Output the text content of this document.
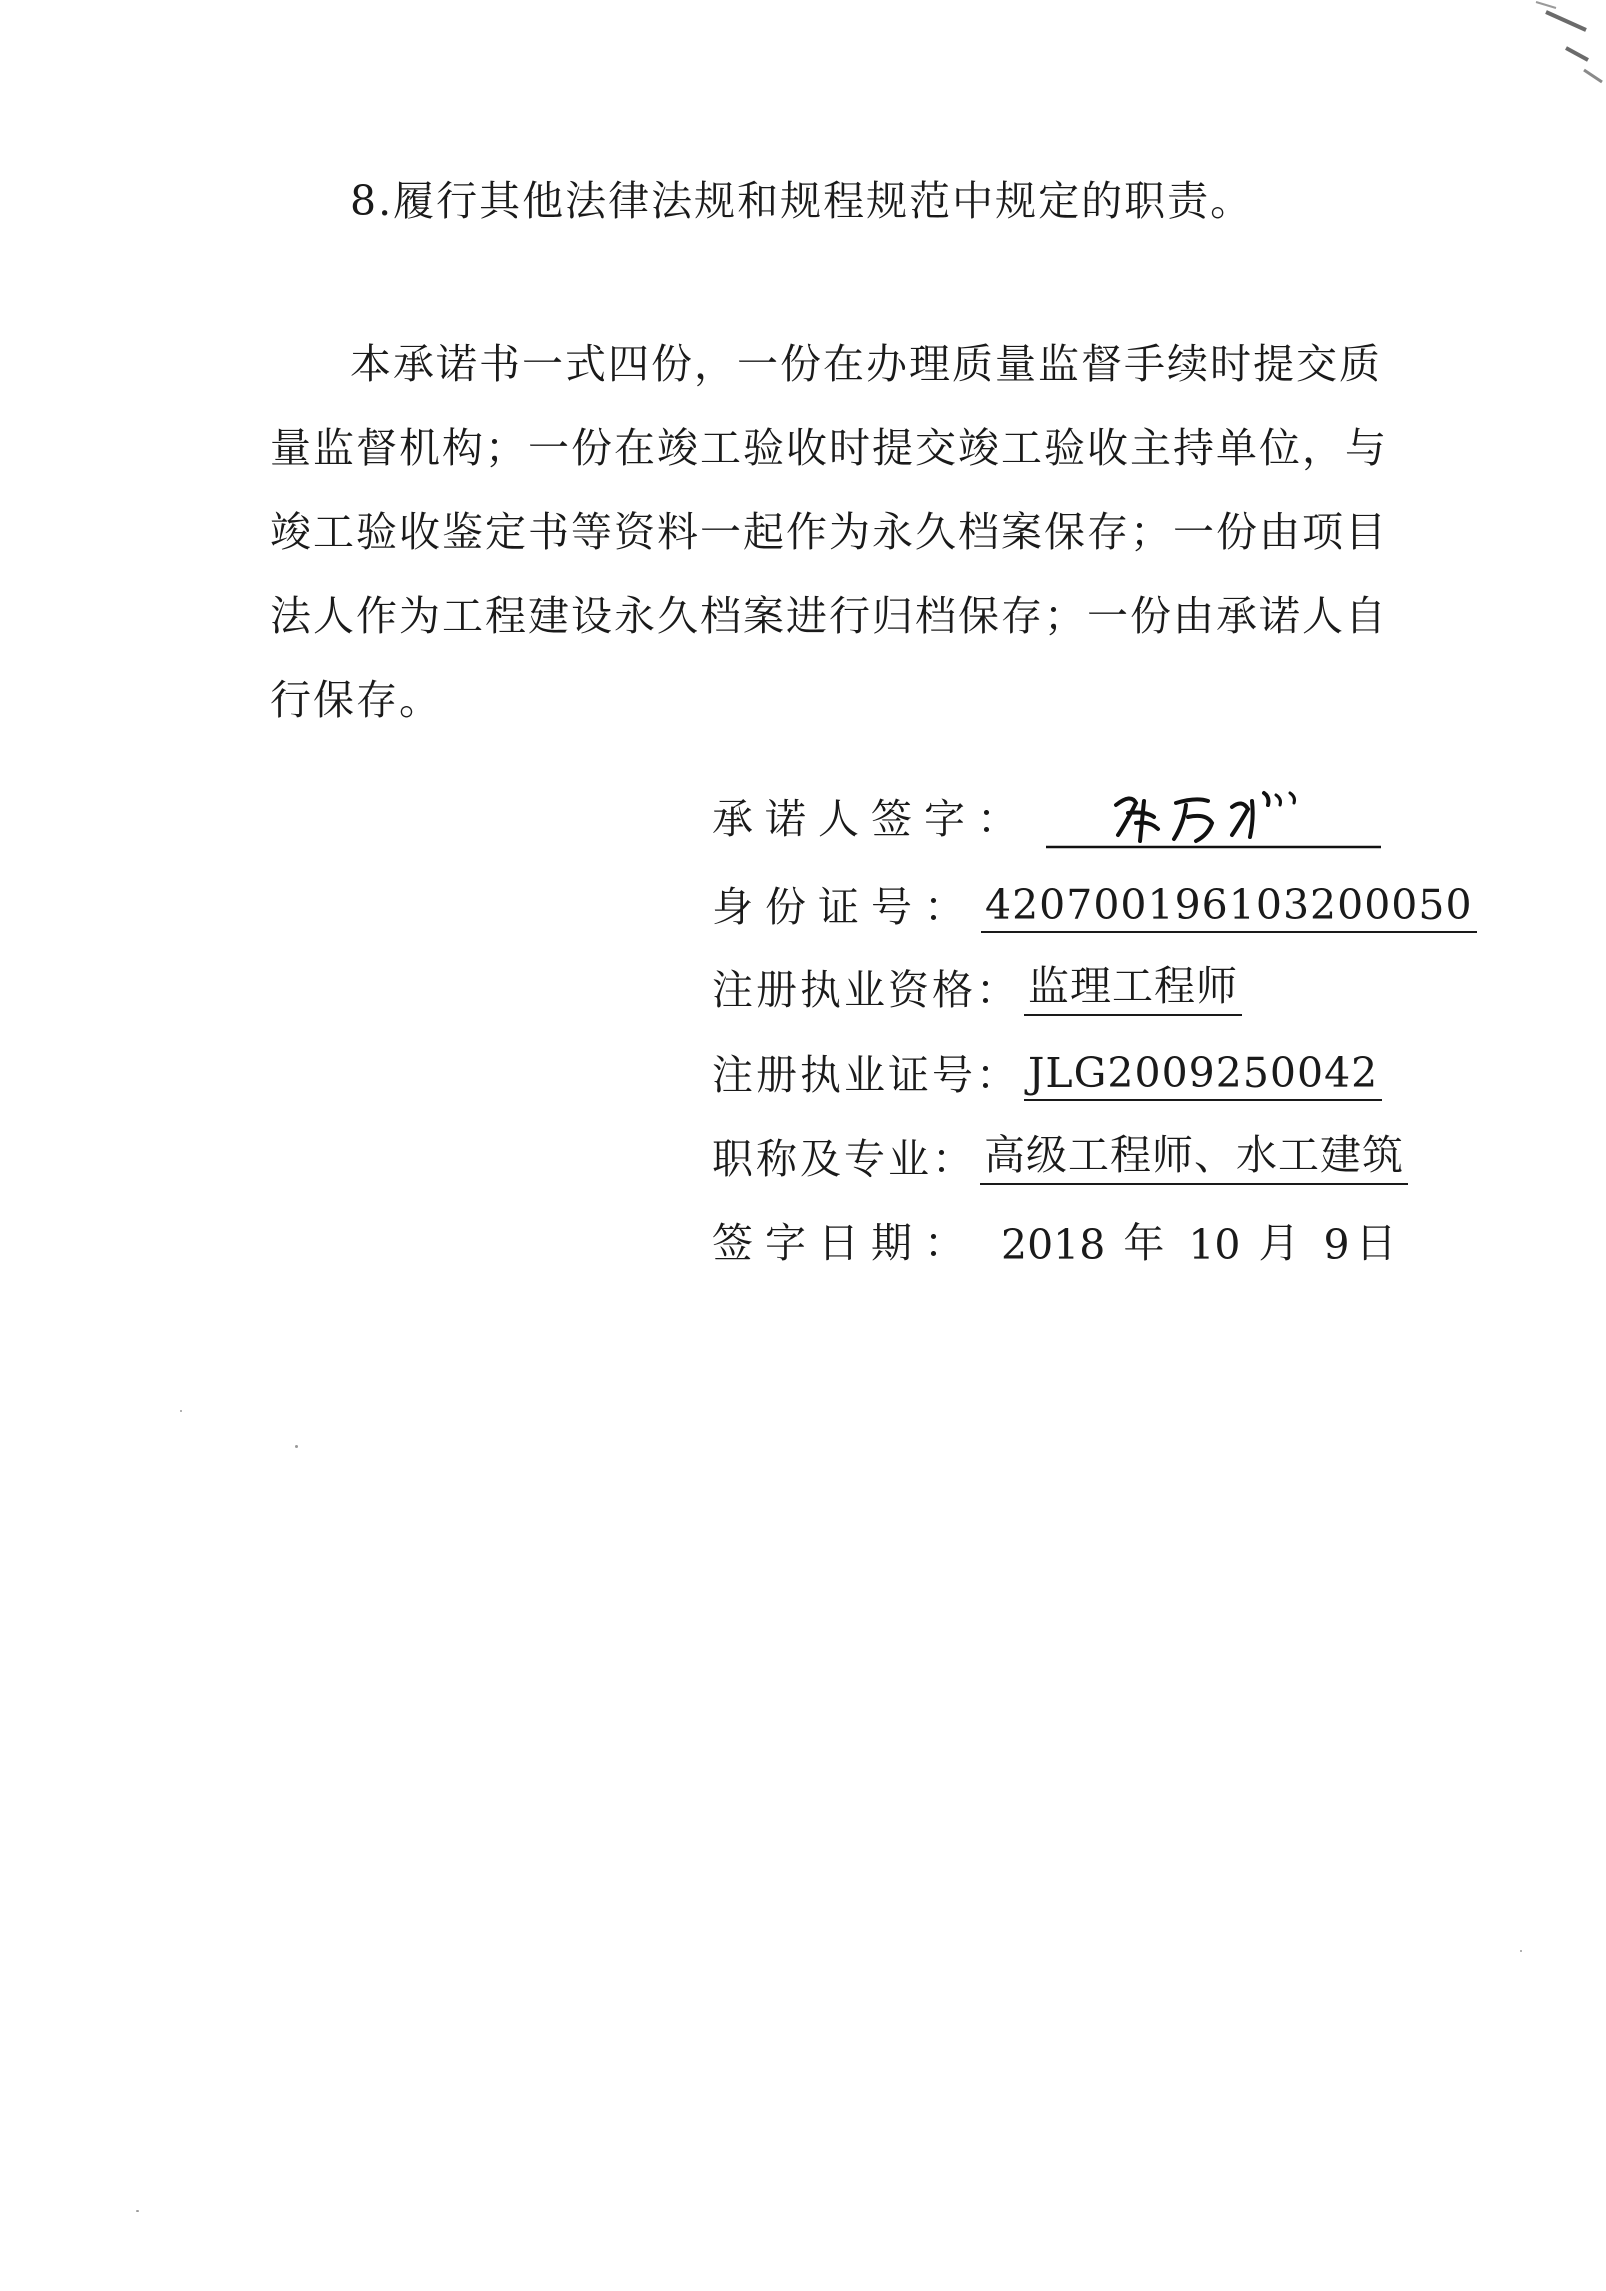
8.履行其他法律法规和规程规范中规定的职责。
本承诺书一式四份，一份在办理质量监督手续时提交质量监督机构；一份在竣工验收时提交竣工验收主持单位，与竣工验收鉴定书等资料一起作为永久档案保存；一份由项目法人作为工程建设永久档案进行归档保存；一份由承诺人自行保存。
承诺人签字：
身份证号： 420700196103200050
注册执业资格： 监理工程师
注册执业证号： JLG2009250042
职称及专业： 高级工程师、水工建筑
签字日期： 2018 年 10 月 9 日
